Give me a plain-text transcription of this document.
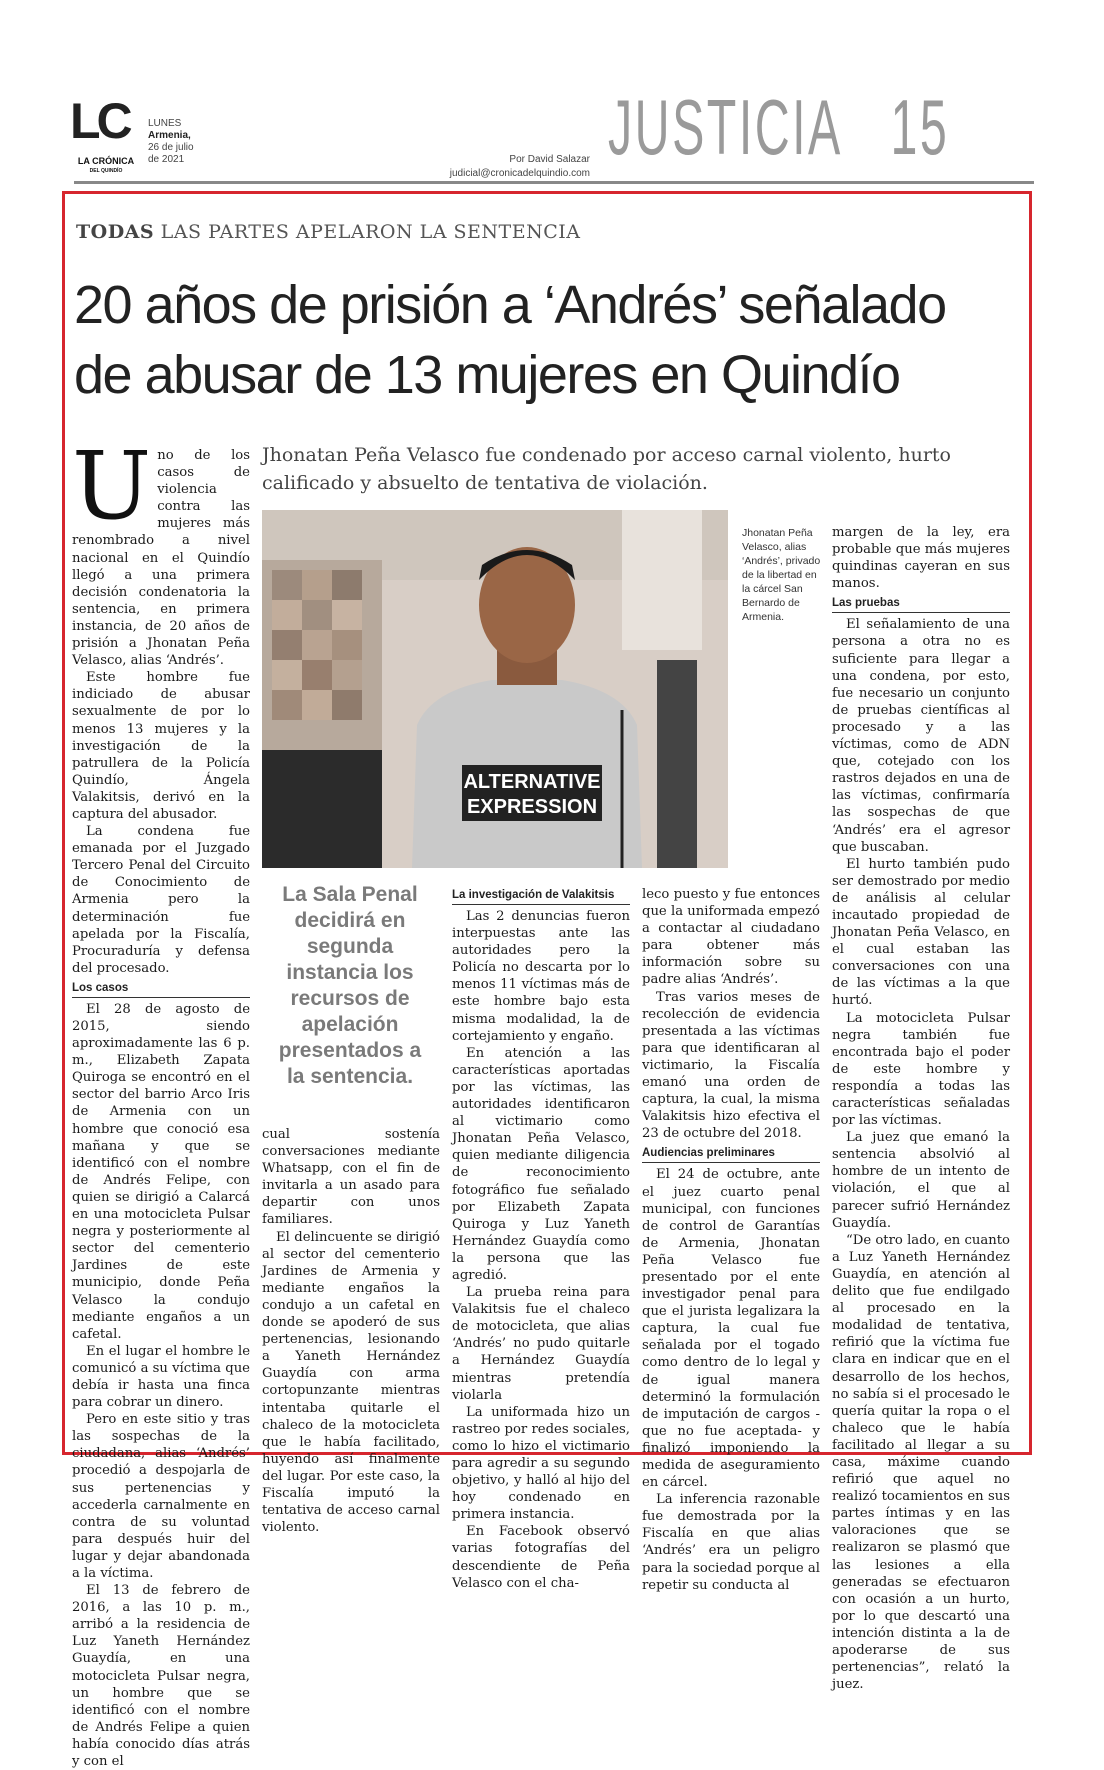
LC
LA CRÓNICA
DEL QUINDÍO
LUNES
Armenia,
26 de julio
de 2021	Por David Salazar
judicial@cronicadelquindio.com
JUSTICIA 15
TODAS LAS PARTES APELARON LA SENTENCIA
20 años de prisión a ‘Andrés’ señalado
de abusar de 13 mujeres en Quindío
Jhonatan Peña Velasco fue condenado por acceso carnal violento, hurto calificado y absuelto de tentativa de violación.
ALTERNATIVE
EXPRESSION
Jhonatan Peña Velasco, alias ‘Andrés’, privado de la libertad en la cárcel San Bernardo de Armenia.

Uno de los casos de violencia contra las mujeres más renombrado a nivel nacional en el Quindío llegó a una primera decisión condenatoria la sentencia, en primera instancia, de 20 años de prisión a Jhonatan Peña Velasco, alias ‘Andrés’.

Este hombre fue indiciado de abusar sexualmente de por lo menos 13 mujeres y la investigación de la patrullera de la Policía Quindío, Ángela Valakitsis, derivó en la captura del abusador.

La condena fue emanada por el Juzgado Tercero Penal del Circuito de Conocimiento de Armenia pero la determinación fue apelada por la Fiscalía, Procuraduría y defensa del procesado.

Los casos

El 28 de agosto de 2015, siendo aproximadamente las 6 p. m., Elizabeth Zapata Quiroga se encontró en el sector del barrio Arco Iris de Armenia con un hombre que conoció esa mañana y que se identificó con el nombre de Andrés Felipe, con quien se dirigió a Calarcá en una motocicleta Pulsar negra y posteriormente al sector del cementerio Jardines de este municipio, donde Peña Velasco la condujo mediante engaños a un cafetal.

En el lugar el hombre le comunicó a su víctima que debía ir hasta una finca para cobrar un dinero.

Pero en este sitio y tras las sospechas de la ciudadana, alias ‘Andrés’ procedió a despojarla de sus pertenencias y accederla carnalmente en contra de su voluntad para después huir del lugar y dejar abandonada a la víctima.

El 13 de febrero de 2016, a las 10 p. m., arribó a la residencia de Luz Yaneth Hernández Guaydía, en una motocicleta Pulsar negra, un hombre que se identificó con el nombre de Andrés Felipe a quien había conocido días atrás y con el

La Sala Penal decidirá en segunda instancia los recursos de apelación presentados a la sentencia.

cual sostenía conversaciones mediante Whatsapp, con el fin de invitarla a un asado para departir con unos familiares.

El delincuente se dirigió al sector del cementerio Jardines de Armenia y mediante engaños la condujo a un cafetal en donde se apoderó de sus pertenencias, lesionando a Yaneth Hernández Guaydía con arma cortopunzante mientras intentaba quitarle el chaleco de la motocicleta que le había facilitado, huyendo así finalmente del lugar. Por este caso, la Fiscalía imputó la tentativa de acceso carnal violento.

La investigación de Valakitsis

Las 2 denuncias fueron interpuestas ante las autoridades pero la Policía no descarta por lo menos 11 víctimas más de este hombre bajo esta misma modalidad, la de cortejamiento y engaño.

En atención a las características aportadas por las víctimas, las autoridades identificaron al victimario como Jhonatan Peña Velasco, quien mediante diligencia de reconocimiento fotográfico fue señalado por Elizabeth Zapata Quiroga y Luz Yaneth Hernández Guaydía como la persona que las agredió.

La prueba reina para Valakitsis fue el chaleco de motocicleta, que alias ‘Andrés’ no pudo quitarle a Hernández Guaydía mientras pretendía violarla

La uniformada hizo un rastreo por redes sociales, como lo hizo el victimario para agredir a su segundo objetivo, y halló al hijo del hoy condenado en primera instancia.

En Facebook observó varias fotografías del descendiente de Peña Velasco con el cha-

leco puesto y fue entonces que la uniformada empezó a contactar al ciudadano para obtener más información sobre su padre alias ‘Andrés’.

Tras varios meses de recolección de evidencia presentada a las víctimas para que identificaran al victimario, la Fiscalía emanó una orden de captura, la cual, la misma Valakitsis hizo efectiva el 23 de octubre del 2018.

Audiencias preliminares

El 24 de octubre, ante el juez cuarto penal municipal, con funciones de control de Garantías de Armenia, Jhonatan Peña Velasco fue presentado por el ente investigador penal para que el jurista legalizara la captura, la cual fue señalada por el togado como dentro de lo legal y de igual manera determinó la formulación de imputación de cargos -que no fue aceptada- y finalizó imponiendo la medida de aseguramiento en cárcel.

La inferencia razonable fue demostrada por la Fiscalía en que alias ‘Andrés’ era un peligro para la sociedad porque al repetir su conducta al

margen de la ley, era probable que más mujeres quindinas cayeran en sus manos.

Las pruebas

El señalamiento de una persona a otra no es suficiente para llegar a una condena, por esto, fue necesario un conjunto de pruebas científicas al procesado y a las víctimas, como de ADN que, cotejado con los rastros dejados en una de las víctimas, confirmaría las sospechas de que ‘Andrés’ era el agresor que buscaban.

El hurto también pudo ser demostrado por medio de análisis al celular incautado propiedad de Jhonatan Peña Velasco, en el cual estaban las conversaciones con una de las víctimas a la que hurtó.

La motocicleta Pulsar negra también fue encontrada bajo el poder de este hombre y respondía a todas las características señaladas por las víctimas.

La juez que emanó la sentencia absolvió al hombre de un intento de violación, el que al parecer sufrió Hernández Guaydía.

“De otro lado, en cuanto a Luz Yaneth Hernández Guaydía, en atención al delito que fue endilgado al procesado en la modalidad de tentativa, refirió que la víctima fue clara en indicar que en el desarrollo de los hechos, no sabía si el procesado le quería quitar la ropa o el chaleco que le había facilitado al llegar a su casa, máxime cuando refirió que aquel no realizó tocamientos en sus partes íntimas y en las valoraciones que se realizaron se plasmó que las lesiones a ella generadas se efectuaron con ocasión a un hurto, por lo que descartó una intención distinta a la de apoderarse de sus pertenencias”, relató la juez.
